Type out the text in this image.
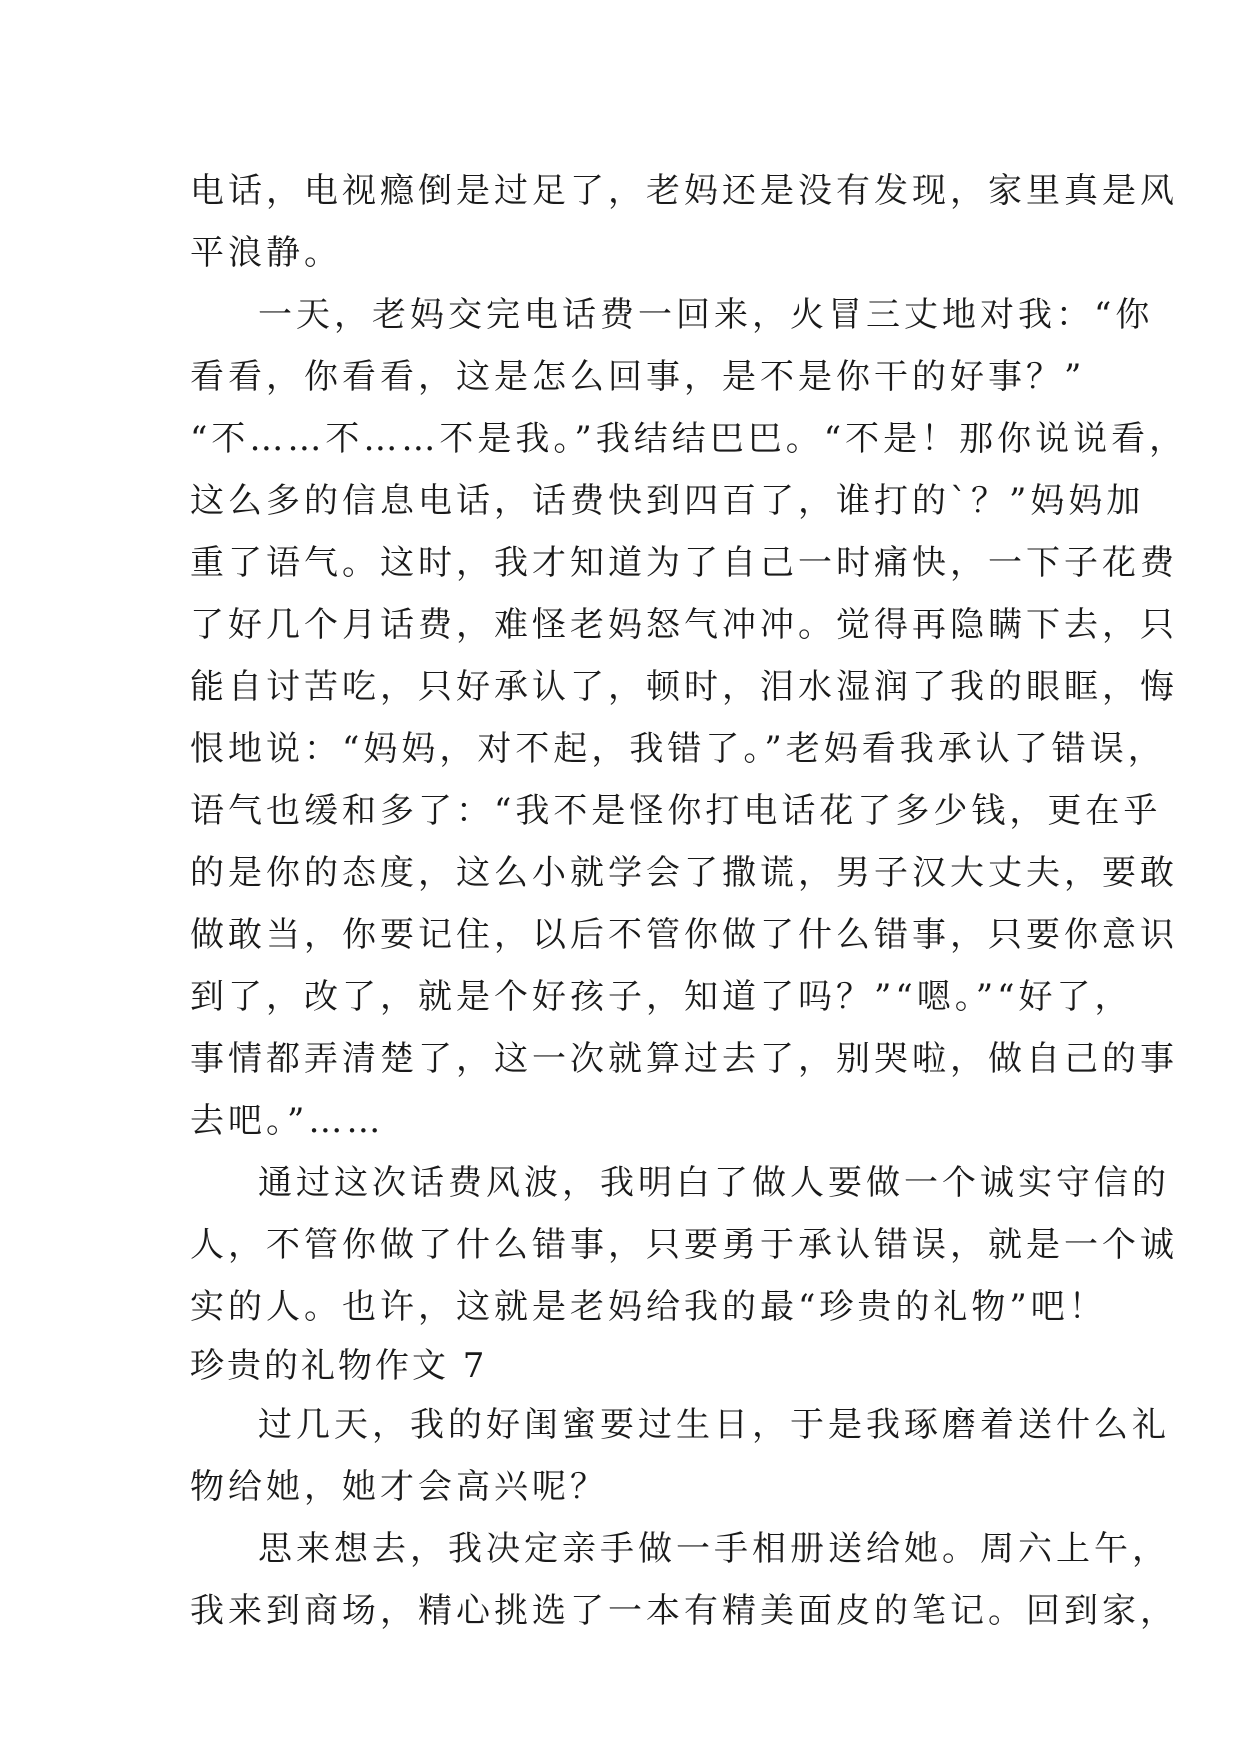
电话，电视瘾倒是过足了，老妈还是没有发现，家里真是风
平浪静。
一天，老妈交完电话费一回来，火冒三丈地对我：“你
看看，你看看，这是怎么回事，是不是你干的好事？”
“不……不……不是我。”我结结巴巴。“不是！那你说说看，
这么多的信息电话，话费快到四百了，谁打的`？”妈妈加
重了语气。这时，我才知道为了自己一时痛快，一下子花费
了好几个月话费，难怪老妈怒气冲冲。觉得再隐瞒下去，只
能自讨苦吃，只好承认了，顿时，泪水湿润了我的眼眶，悔
恨地说：“妈妈，对不起，我错了。”老妈看我承认了错误，
语气也缓和多了：“我不是怪你打电话花了多少钱，更在乎
的是你的态度，这么小就学会了撒谎，男子汉大丈夫，要敢
做敢当，你要记住，以后不管你做了什么错事，只要你意识
到了，改了，就是个好孩子，知道了吗？”“嗯。”“好了，
事情都弄清楚了，这一次就算过去了，别哭啦，做自己的事
去吧。”……
通过这次话费风波，我明白了做人要做一个诚实守信的
人，不管你做了什么错事，只要勇于承认错误，就是一个诚
实的人。也许，这就是老妈给我的最“珍贵的礼物”吧！
珍贵的礼物作文 7
过几天，我的好闺蜜要过生日，于是我琢磨着送什么礼
物给她，她才会高兴呢？
思来想去，我决定亲手做一手相册送给她。周六上午，
我来到商场，精心挑选了一本有精美面皮的笔记。回到家，
